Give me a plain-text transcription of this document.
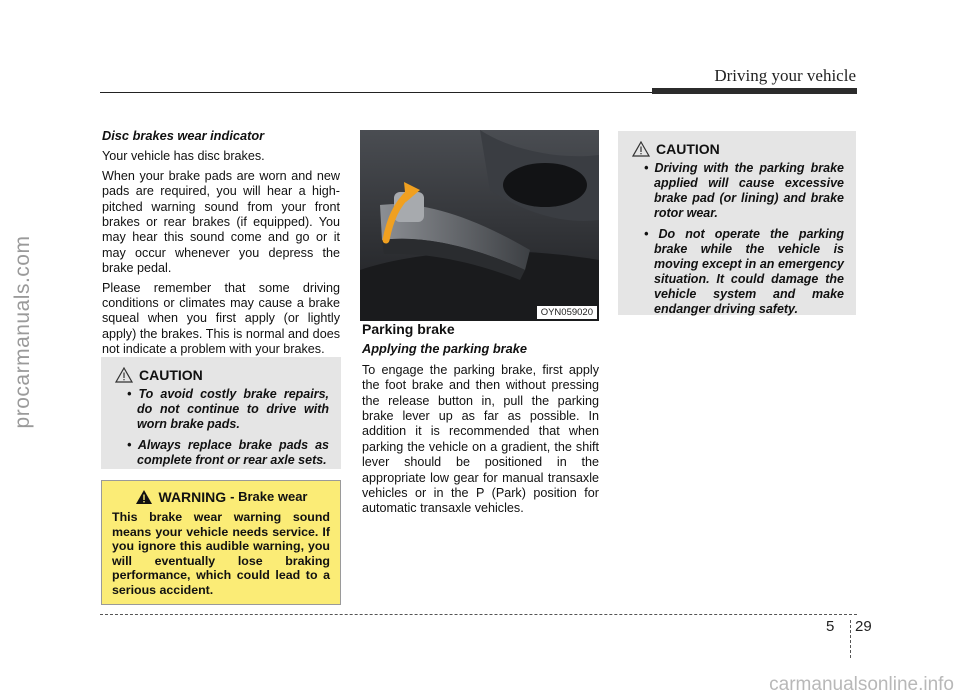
procarmanuals.com
Driving your vehicle
Disc brakes wear indicator

Your vehicle has disc brakes.

When your brake pads are worn and new pads are required, you will hear a high-pitched warning sound from your front brakes or rear brakes (if equipped). You may hear this sound come and go or it may occur whenever you depress the brake pedal.

Please remember that some driving conditions or climates may cause a brake squeal when you first apply (or lightly apply) the brakes. This is normal and does not indicate a problem with your brakes.

CAUTION
• To avoid costly brake repairs, do not continue to drive with worn brake pads.
• Always replace brake pads as complete front or rear axle sets.
WARNING - Brake wear
This brake wear warning sound means your vehicle needs service. If you ignore this audible warning, you will eventually lose braking performance, which could lead to a serious accident.
OYN059020
Parking brake
Applying the parking brake

To engage the parking brake, first apply the foot brake and then without pressing the release button in, pull the parking brake lever up as far as possible. In addition it is recommended that when parking the vehicle on a gradient, the shift lever should be positioned in the appropriate low gear for manual transaxle vehicles or in the P (Park) position for automatic transaxle vehicles.

CAUTION
• Driving with the parking brake applied will cause excessive brake pad (or lining) and brake rotor wear.
• Do not operate the parking brake while the vehicle is moving except in an emergency situation. It could damage the vehicle system and make endanger driving safety.
5 29
carmanualsonline.info
